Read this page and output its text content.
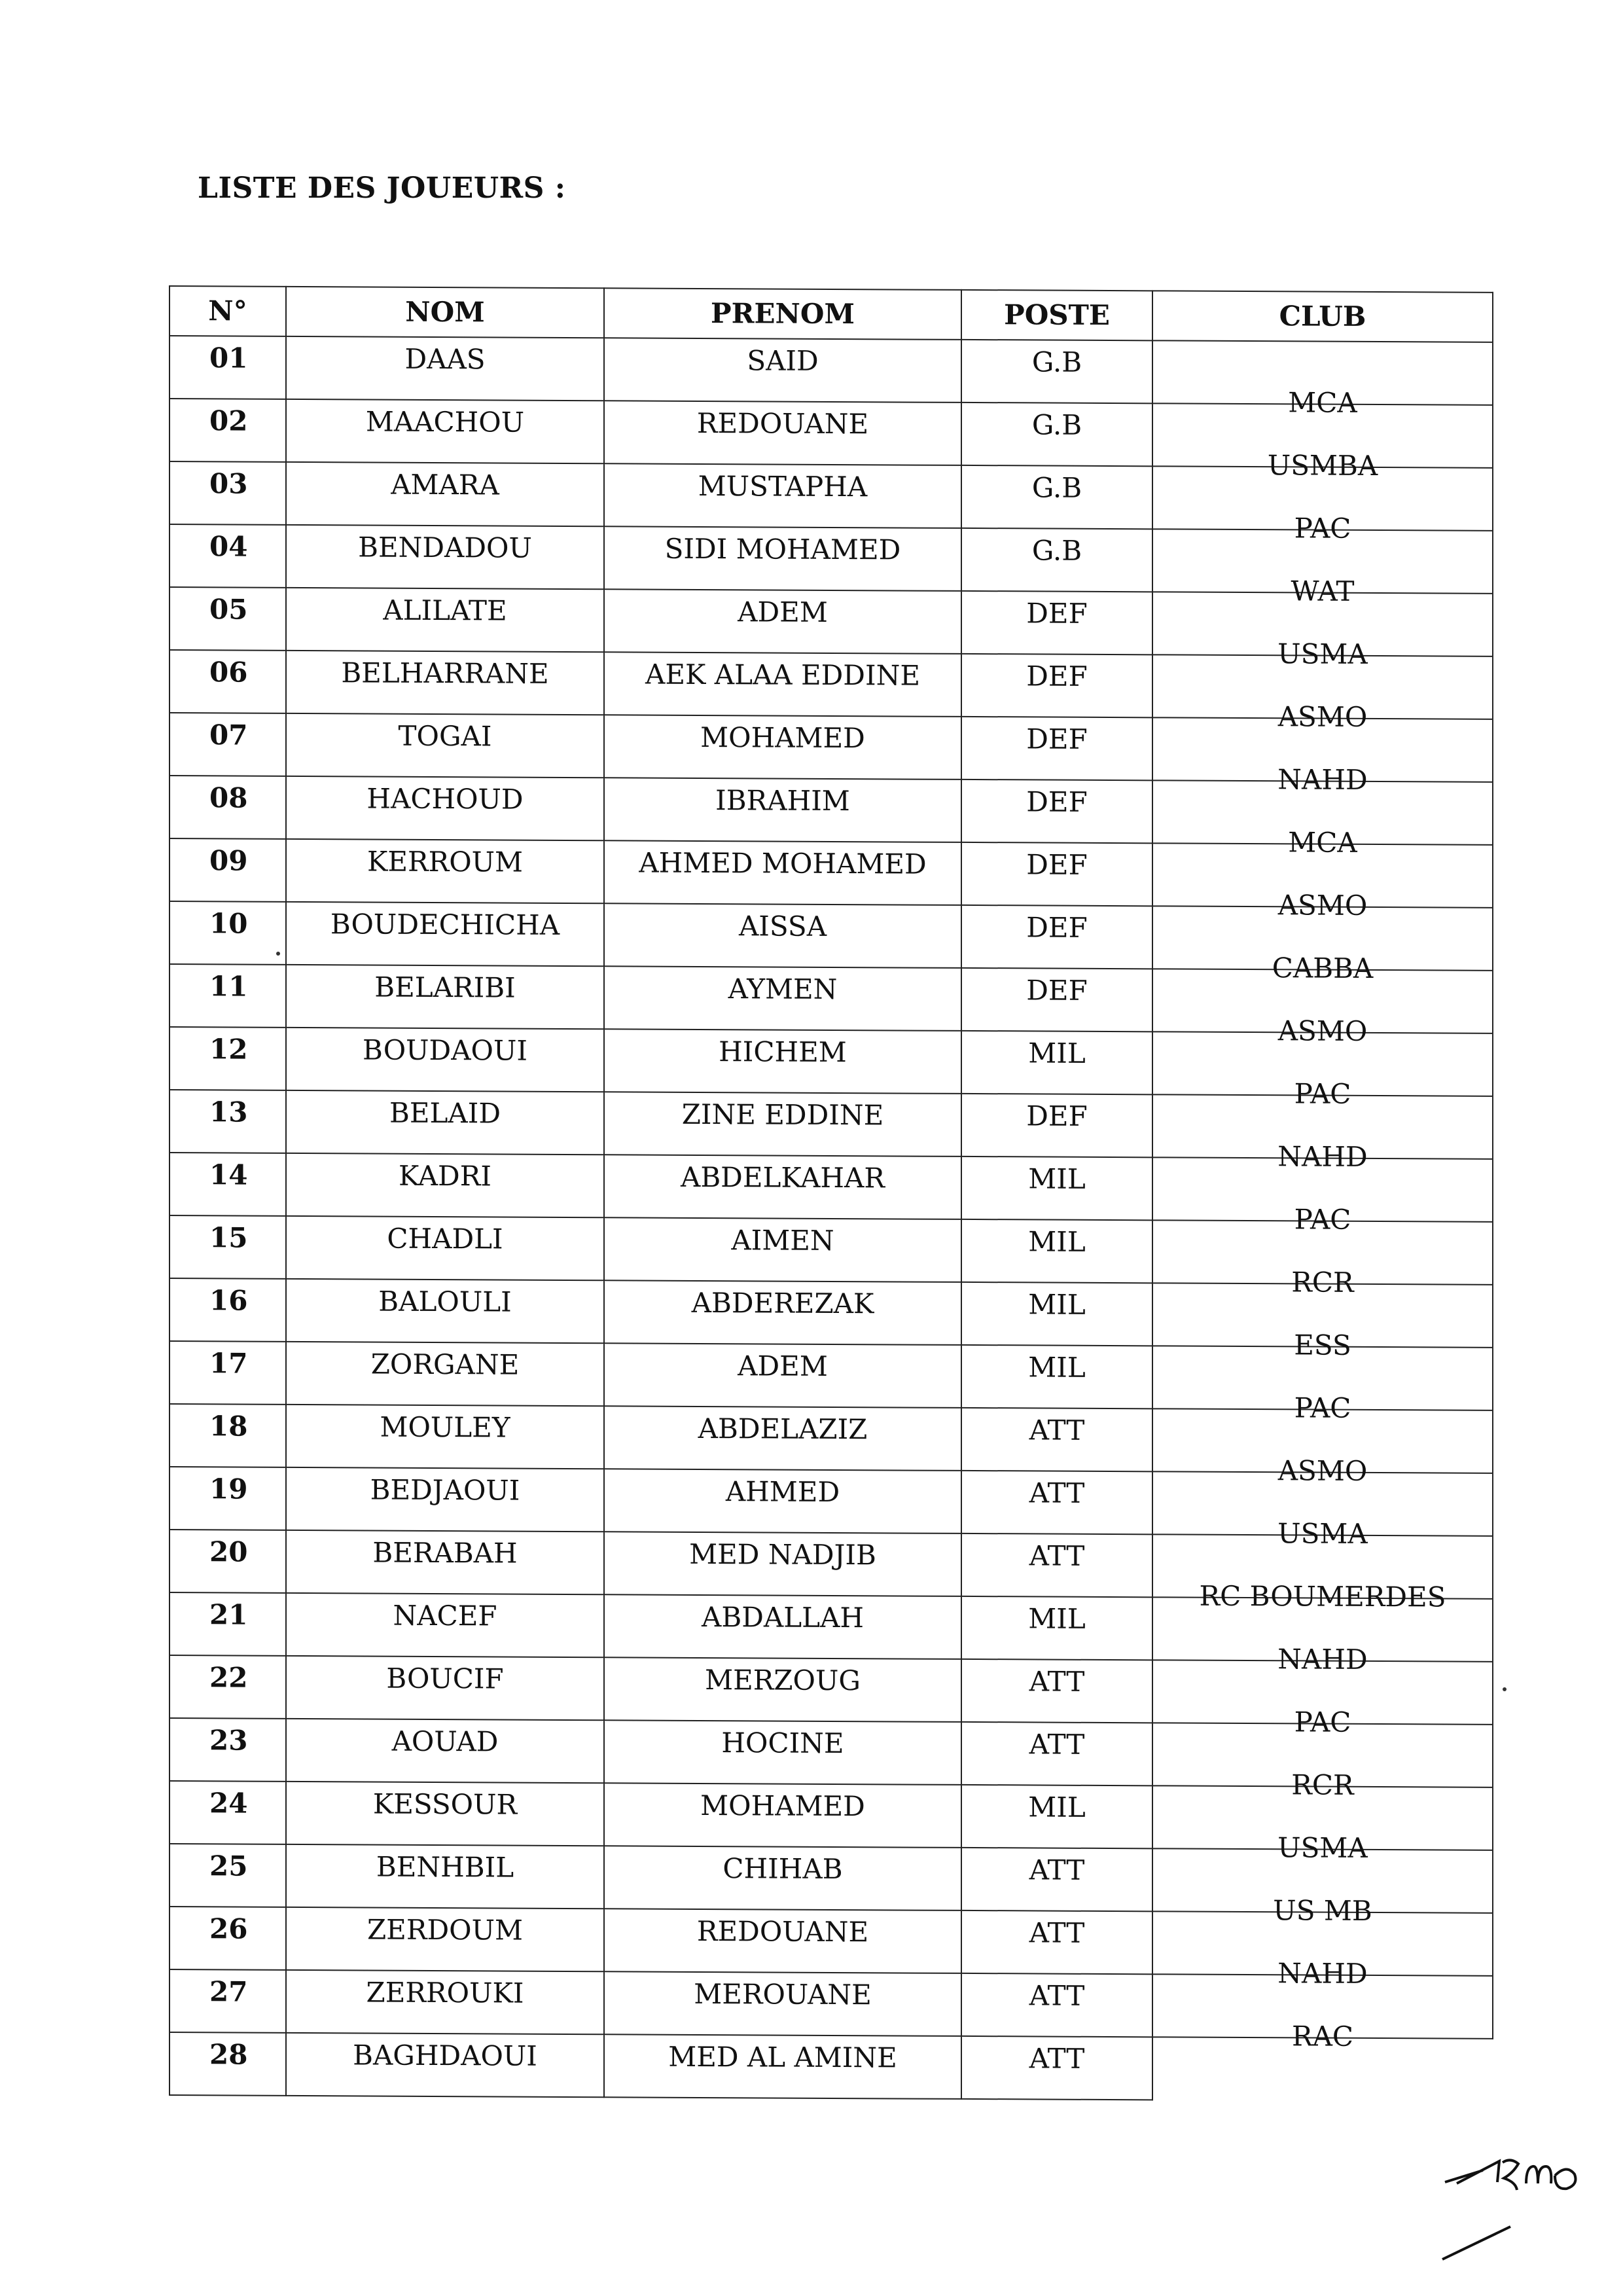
LISTE DES JOUEURS :
N°	NOM	PRENOM	POSTE	CLUB
01	DAAS	SAID	G.B	MCA
02	MAACHOU	REDOUANE	G.B	USMBA
03	AMARA	MUSTAPHA	G.B	PAC
04	BENDADOU	SIDI MOHAMED	G.B	WAT
05	ALILATE	ADEM	DEF	USMA
06	BELHARRANE	AEK ALAA EDDINE	DEF	ASMO
07	TOGAI	MOHAMED	DEF	NAHD
08	HACHOUD	IBRAHIM	DEF	MCA
09	KERROUM	AHMED MOHAMED	DEF	ASMO
10	BOUDECHICHA	AISSA	DEF	CABBA
11	BELARIBI	AYMEN	DEF	ASMO
12	BOUDAOUI	HICHEM	MIL	PAC
13	BELAID	ZINE EDDINE	DEF	NAHD
14	KADRI	ABDELKAHAR	MIL	PAC
15	CHADLI	AIMEN	MIL	RCR
16	BALOULI	ABDEREZAK	MIL	ESS
17	ZORGANE	ADEM	MIL	PAC
18	MOULEY	ABDELAZIZ	ATT	ASMO
19	BEDJAOUI	AHMED	ATT	USMA
20	BERABAH	MED NADJIB	ATT	RC BOUMERDES
21	NACEF	ABDALLAH	MIL	NAHD
22	BOUCIF	MERZOUG	ATT	PAC
23	AOUAD	HOCINE	ATT	RCR
24	KESSOUR	MOHAMED	MIL	USMA
25	BENHBIL	CHIHAB	ATT	US MB
26	ZERDOUM	REDOUANE	ATT	NAHD
27	ZERROUKI	MEROUANE	ATT	RAC
28	BAGHDAOUI	MED AL AMINE	ATT	
